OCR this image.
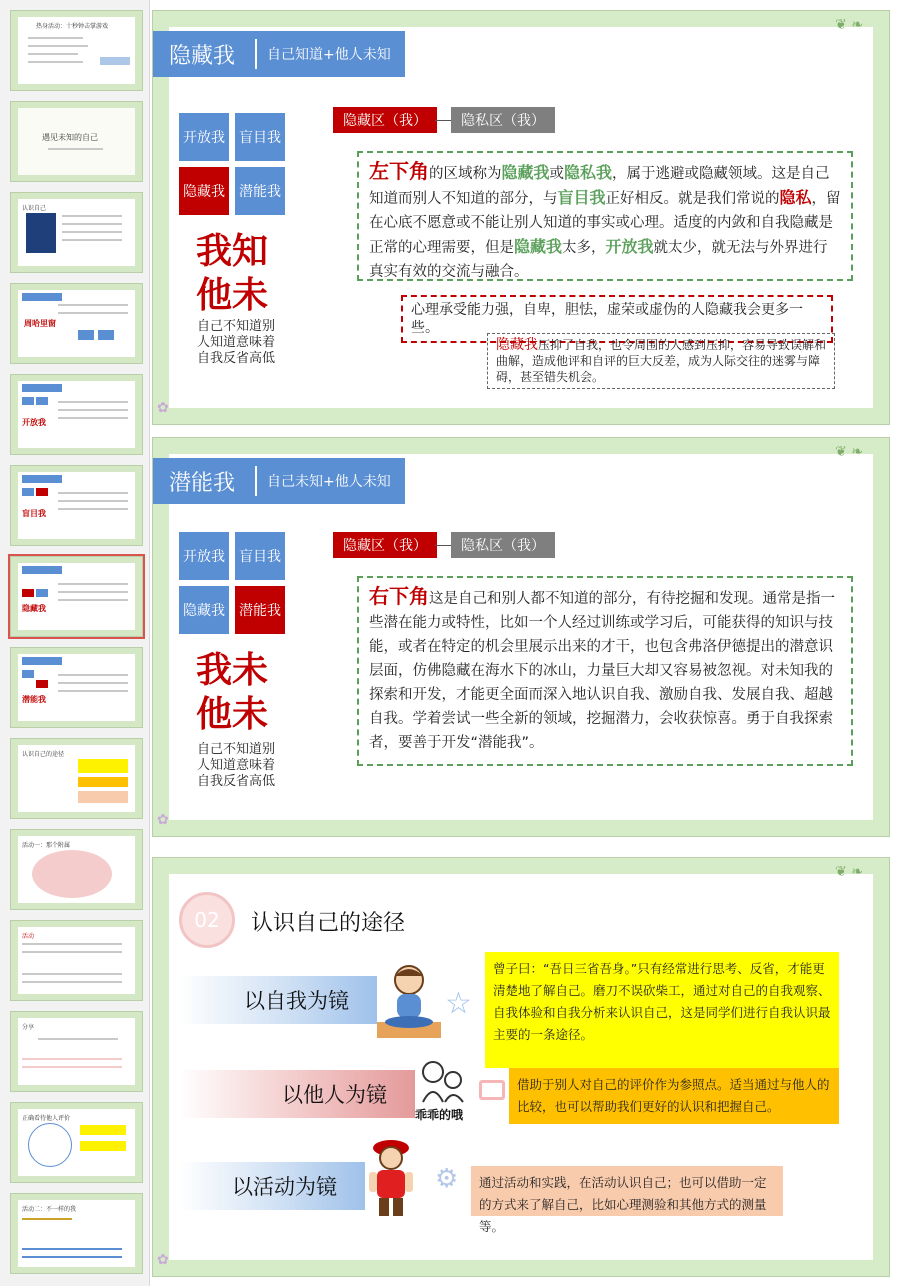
热身活动：十秒钟击掌游戏
遇见未知的自己
认识自己
周哈里窗
开放我
盲目我
隐藏我
潜能我
认识自己的途径
活动一：那个附属
活动
分享
正确看待他人评价
活动二：不一样的我
❦ ❧
隐藏我	自己知道+他人未知
开放我 盲目我
隐藏我 潜能我
我知
他未
自己不知道别
人知道意味着
自我反省高低
隐藏区（我）	隐私区（我）
左下角的区域称为隐藏我或隐私我，属于逃避或隐藏领域。这是自己知道而别人不知道的部分，与盲目我正好相反。就是我们常说的隐私，留在心底不愿意或不能让别人知道的事实或心理。适度的内敛和自我隐藏是正常的心理需要，但是隐藏我太多，开放我就太少，就无法与外界进行真实有效的交流与融合。
心理承受能力强，自卑，胆怯，虚荣或虚伪的人隐藏我会更多一些。
隐藏我压抑了自我，也令周围的人感到压抑，容易导致误解和曲解，造成他评和自评的巨大反差，成为人际交往的迷雾与障碍，甚至错失机会。
✿
❦ ❧
潜能我	自己未知+他人未知
开放我 盲目我
隐藏我 潜能我
我未
他未
自己不知道别
人知道意味着
自我反省高低
隐藏区（我）	隐私区（我）
右下角这是自己和别人都不知道的部分，有待挖掘和发现。通常是指一些潜在能力或特性，比如一个人经过训练或学习后，可能获得的知识与技能，或者在特定的机会里展示出来的才干，也包含弗洛伊德提出的潜意识层面，仿佛隐藏在海水下的冰山，力量巨大却又容易被忽视。对未知我的探索和开发，才能更全面而深入地认识自我、激励自我、发展自我、超越自我。学着尝试一些全新的领域，挖掘潜力，会收获惊喜。勇于自我探索者，要善于开发“潜能我”。
✿
❦ ❧
02	认识自己的途径
以自我为镜	☆
曾子曰：“吾日三省吾身。”只有经常进行思考、反省，才能更清楚地了解自己。磨刀不误砍柴工，通过对自己的自我观察、自我体验和自我分析来认识自己，这是同学们进行自我认识最主要的一条途径。
以他人为镜
乖乖的哦
借助于别人对自己的评价作为参照点。适当通过与他人的比较，也可以帮助我们更好的认识和把握自己。
以活动为镜	⚙	通过活动和实践，在活动认识自己；也可以借助一定的方式来了解自己，比如心理测验和其他方式的测量等。
✿
